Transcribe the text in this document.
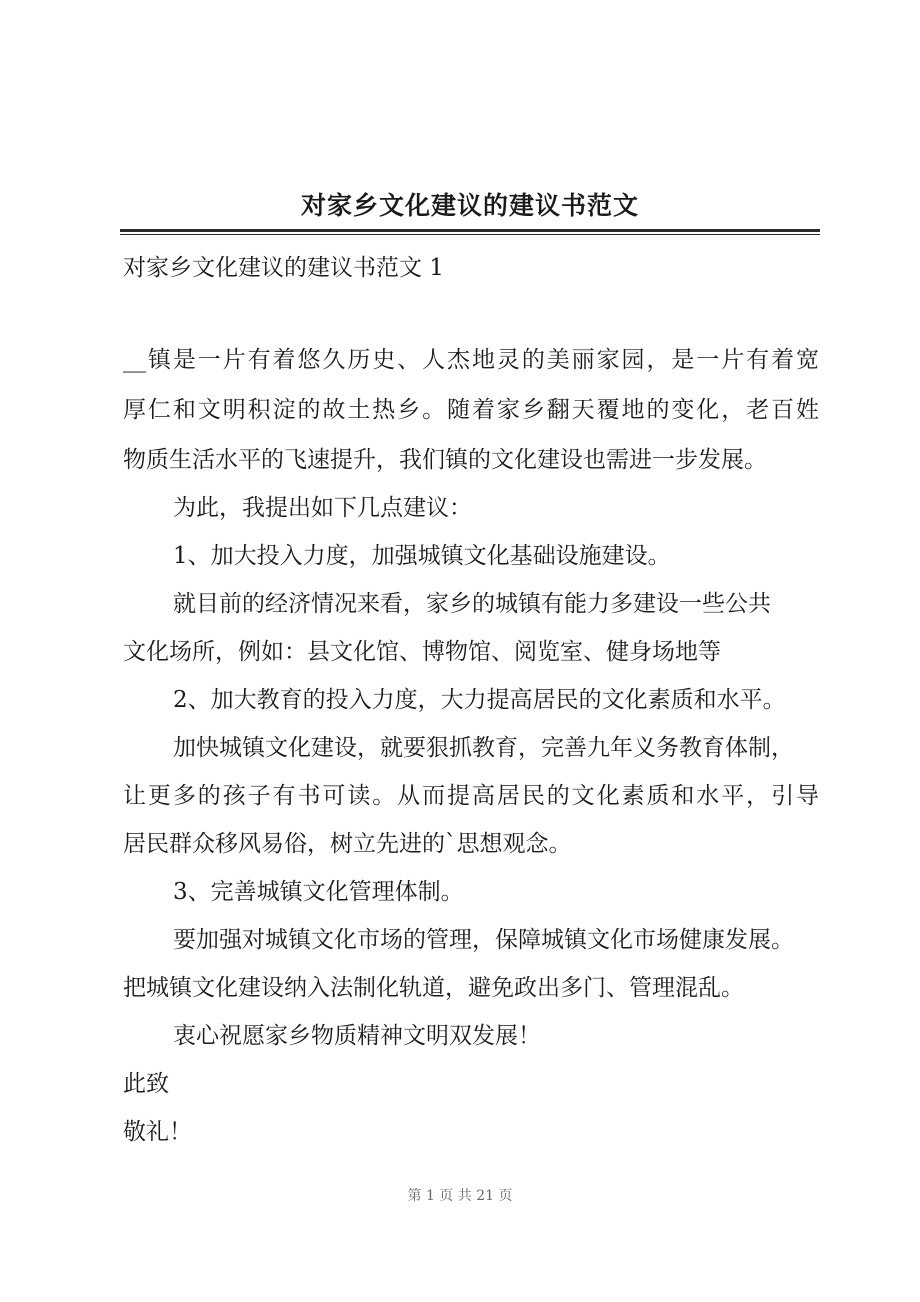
对家乡文化建议的建议书范文

对家乡文化建议的建议书范文 1

__镇是一片有着悠久历史、人杰地灵的美丽家园，是一片有着宽

厚仁和文明积淀的故土热乡。随着家乡翻天覆地的变化，老百姓

物质生活水平的飞速提升，我们镇的文化建设也需进一步发展。

为此，我提出如下几点建议：

1、加大投入力度，加强城镇文化基础设施建设。

就目前的经济情况来看，家乡的城镇有能力多建设一些公共

文化场所，例如：县文化馆、博物馆、阅览室、健身场地等

2、加大教育的投入力度，大力提高居民的文化素质和水平。

加快城镇文化建设，就要狠抓教育，完善九年义务教育体制，

让更多的孩子有书可读。从而提高居民的文化素质和水平，引导

居民群众移风易俗，树立先进的`思想观念。

3、完善城镇文化管理体制。

要加强对城镇文化市场的管理，保障城镇文化市场健康发展。

把城镇文化建设纳入法制化轨道，避免政出多门、管理混乱。

衷心祝愿家乡物质精神文明双发展！

此致

敬礼！

第 1 页 共 21 页
